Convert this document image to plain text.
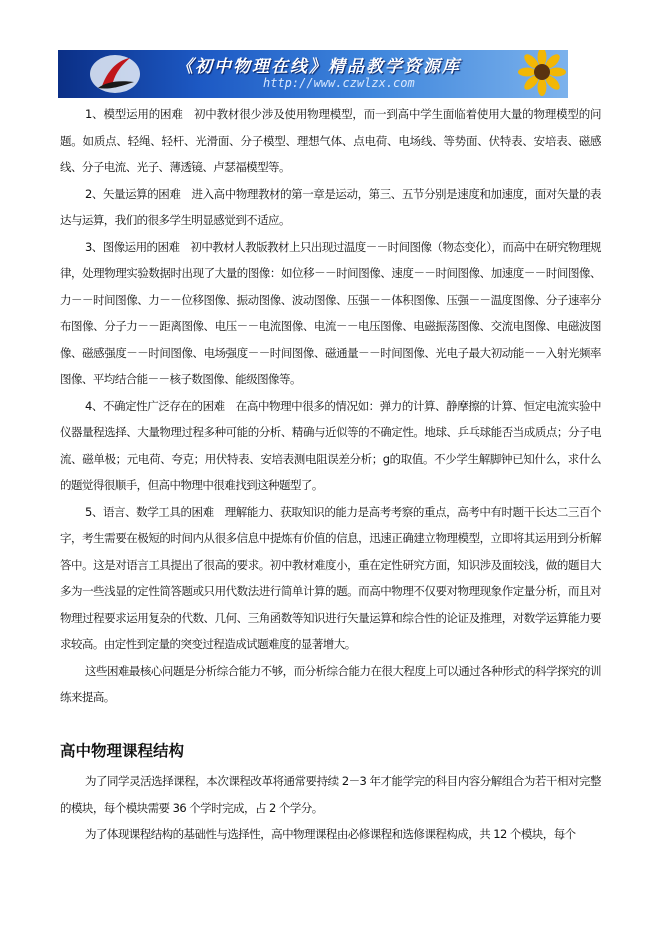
《初中物理在线》精品教学资源库
http://www.czwlzx.com

1、模型运用的困难　初中教材很少涉及使用物理模型，而一到高中学生面临着使用大量的物理模型的问题。如质点、轻绳、轻杆、光滑面、分子模型、理想气体、点电荷、电场线、等势面、伏特表、安培表、磁感线、分子电流、光子、薄透镜、卢瑟福模型等。

2、矢量运算的困难　进入高中物理教材的第一章是运动，第三、五节分别是速度和加速度，面对矢量的表达与运算，我们的很多学生明显感觉到不适应。

3、图像运用的困难　初中教材人教版教材上只出现过温度－－时间图像（物态变化），而高中在研究物理规律，处理物理实验数据时出现了大量的图像：如位移－－时间图像、速度－－时间图像、加速度－－时间图像、力－－时间图像、力－－位移图像、振动图像、波动图像、压强－－体积图像、压强－－温度图像、分子速率分布图像、分子力－－距离图像、电压－－电流图像、电流－－电压图像、电磁振荡图像、交流电图像、电磁波图像、磁感强度－－时间图像、电场强度－－时间图像、磁通量－－时间图像、光电子最大初动能－－入射光频率图像、平均结合能－－核子数图像、能级图像等。

4、不确定性广泛存在的困难　在高中物理中很多的情况如：弹力的计算、静摩擦的计算、恒定电流实验中仪器量程选择、大量物理过程多种可能的分析、精确与近似等的不确定性。地球、乒乓球能否当成质点；分子电流、磁单极；元电荷、夸克；用伏特表、安培表测电阻误差分析；g的取值。不少学生解脚钟已知什么，求什么的题觉得很顺手，但高中物理中很难找到这种题型了。

5、语言、数学工具的困难　理解能力、获取知识的能力是高考考察的重点，高考中有时题干长达二三百个字，考生需要在极短的时间内从很多信息中提炼有价值的信息，迅速正确建立物理模型，立即将其运用到分析解答中。这是对语言工具提出了很高的要求。初中教材难度小，重在定性研究方面，知识涉及面较浅，做的题目大多为一些浅显的定性简答题或只用代数法进行简单计算的题。而高中物理不仅要对物理现象作定量分析，而且对物理过程要求运用复杂的代数、几何、三角函数等知识进行矢量运算和综合性的论证及推理，对数学运算能力要求较高。由定性到定量的突变过程造成试题难度的显著增大。

这些困难最核心问题是分析综合能力不够，而分析综合能力在很大程度上可以通过各种形式的科学探究的训练来提高。

高中物理课程结构

为了同学灵活选择课程，本次课程改革将通常要持续 2－3 年才能学完的科目内容分解组合为若干相对完整的模块，每个模块需要 36 个学时完成，占 2 个学分。

为了体现课程结构的基础性与选择性，高中物理课程由必修课程和选修课程构成，共 12 个模块，每个
